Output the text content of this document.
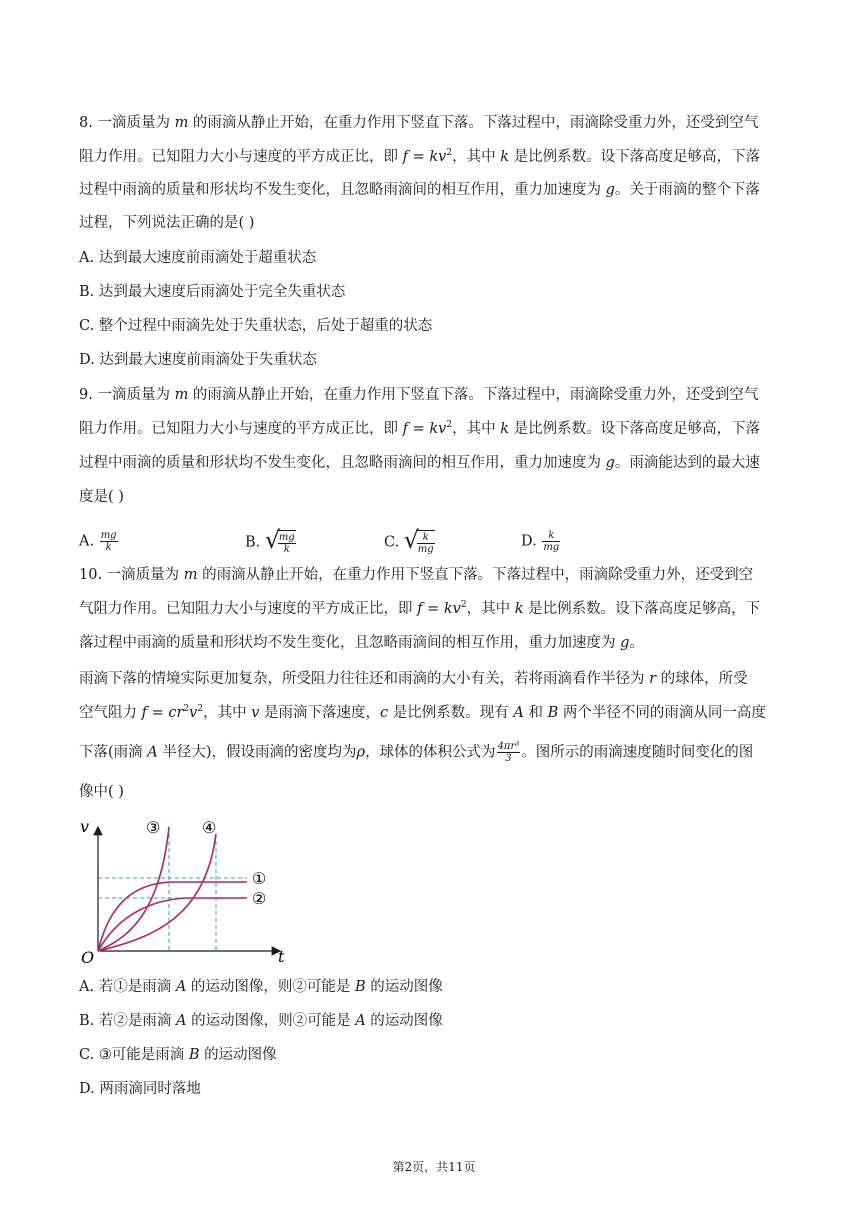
8. 一滴质量为 m 的雨滴从静止开始，在重力作用下竖直下落。下落过程中，雨滴除受重力外，还受到空气
阻力作用。已知阻力大小与速度的平方成正比，即 $f = kv^2$，其中 k 是比例系数。设下落高度足够高，下落
过程中雨滴的质量和形状均不发生变化，且忽略雨滴间的相互作用，重力加速度为 g。关于雨滴的整个下落
过程，下列说法正确的是( )
A. 达到最大速度前雨滴处于超重状态
B. 达到最大速度后雨滴处于完全失重状态
C. 整个过程中雨滴先处于失重状态，后处于超重的状态
D. 达到最大速度前雨滴处于失重状态
9. 一滴质量为 m 的雨滴从静止开始，在重力作用下竖直下落。下落过程中，雨滴除受重力外，还受到空气
阻力作用。已知阻力大小与速度的平方成正比，即 $f = kv^2$，其中 k 是比例系数。设下落高度足够高，下落
过程中雨滴的质量和形状均不发生变化，且忽略雨滴间的相互作用，重力加速度为 g。雨滴能达到的最大速
度是( )
A. $\frac{mg}{k}$	B. √
$\frac{mg}{k}$	C. √
$\frac{k}{mg}$	D. $\frac{k}{mg}$
10. 一滴质量为 m 的雨滴从静止开始，在重力作用下竖直下落。下落过程中，雨滴除受重力外，还受到空
气阻力作用。已知阻力大小与速度的平方成正比，即 $f = kv^2$，其中 k 是比例系数。设下落高度足够高，下
落过程中雨滴的质量和形状均不发生变化，且忽略雨滴间的相互作用，重力加速度为 g。
雨滴下落的情境实际更加复杂，所受阻力往往还和雨滴的大小有关，若将雨滴看作半径为 r 的球体，所受
空气阻力 $f = cr^2v^2$，其中 v 是雨滴下落速度，c 是比例系数。现有 A 和 B 两个半径不同的雨滴从同一高度
下落(雨滴 A 半径大)，假设雨滴的密度均为ρ，球体的体积公式为 $\frac{\text{4πr³}}{3}$ 。图所示的雨滴速度随时间变化的图
像中( )
v
t
O
①
②
③	④
A. 若①是雨滴 A 的运动图像，则②可能是 B 的运动图像
B. 若②是雨滴 A 的运动图像，则②可能是 A 的运动图像
C. ③可能是雨滴 B 的运动图像
D. 两雨滴同时落地
第2页，共11页
